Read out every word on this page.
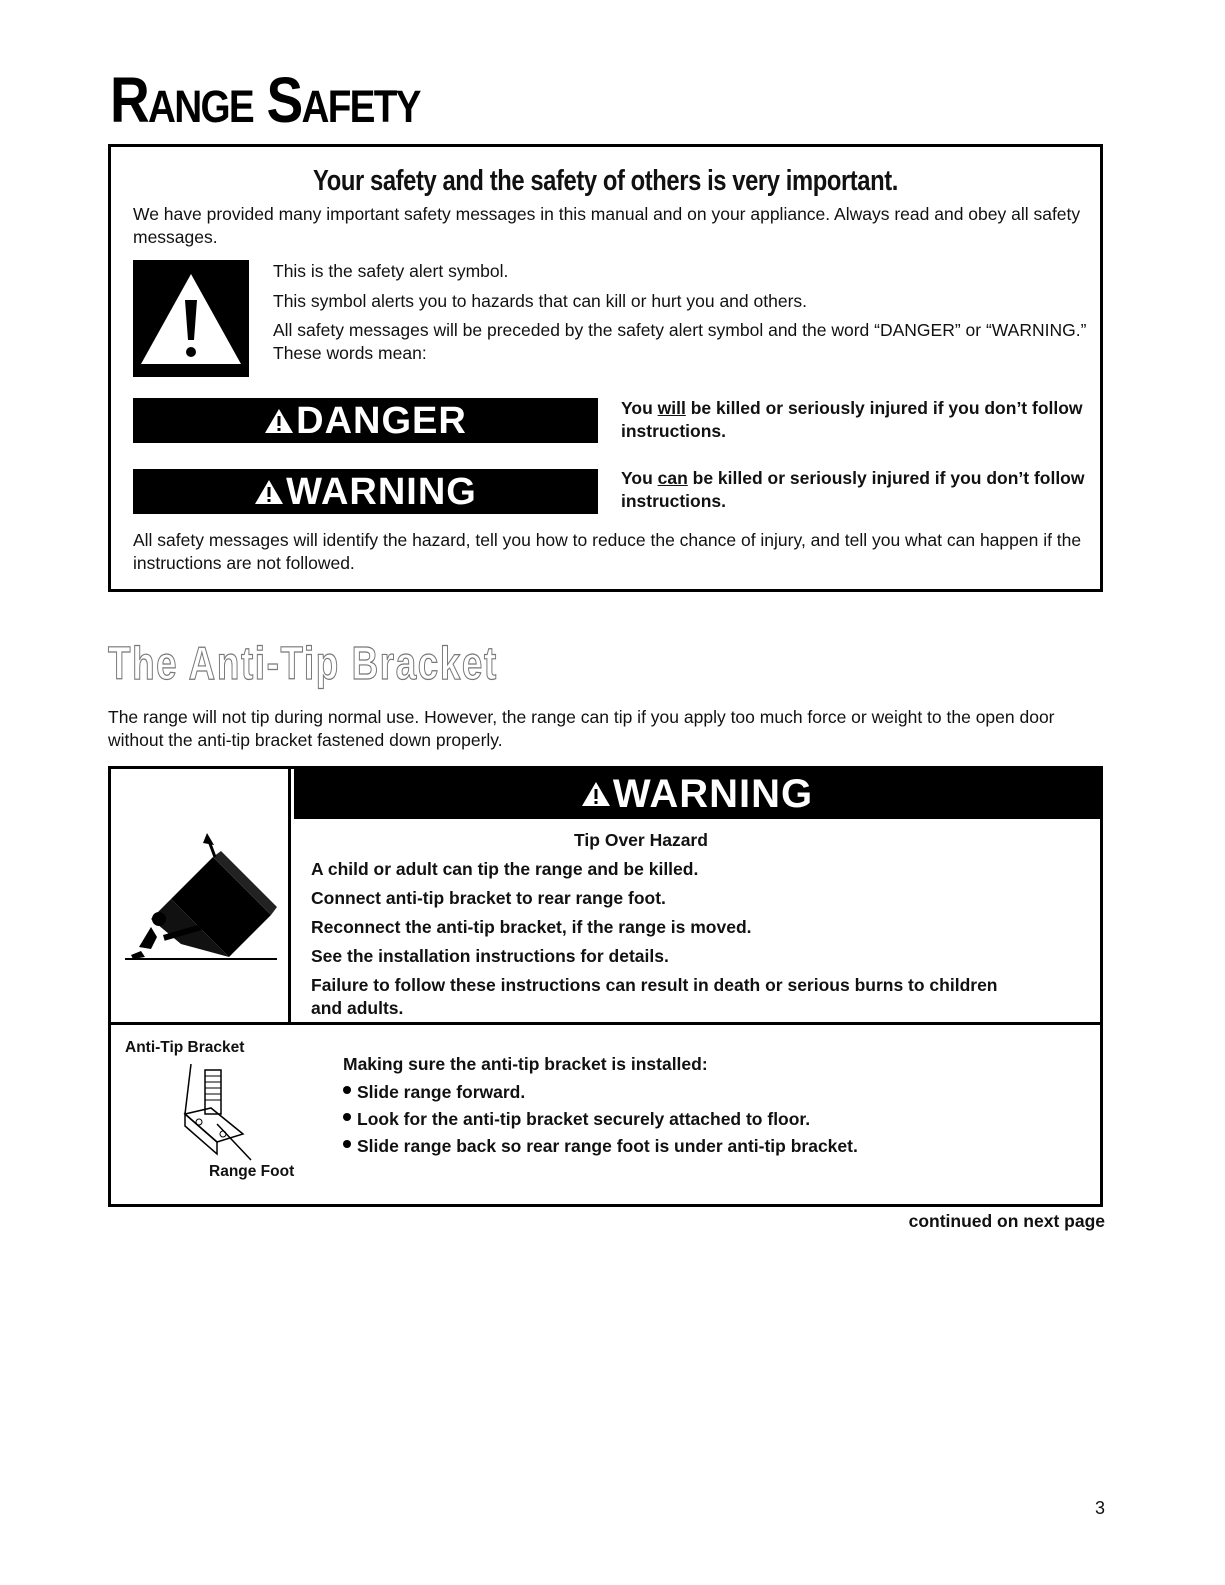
Range Safety
Your safety and the safety of others is very important.
We have provided many important safety messages in this manual and on your appliance. Always read and obey all safety messages.
This is the safety alert symbol.
This symbol alerts you to hazards that can kill or hurt you and others.
All safety messages will be preceded by the safety alert symbol and the word “DANGER” or “WARNING.” These words mean:
DANGER	You will be killed or seriously injured if you don’t follow instructions.
WARNING	You can be killed or seriously injured if you don’t follow instructions.
All safety messages will identify the hazard, tell you how to reduce the chance of injury, and tell you what can happen if the instructions are not followed.
The Anti-Tip Bracket
The range will not tip during normal use. However, the range can tip if you apply too much force or weight to the open door without the anti-tip bracket fastened down properly.
WARNING
Tip Over Hazard
A child or adult can tip the range and be killed.
Connect anti-tip bracket to rear range foot.
Reconnect the anti-tip bracket, if the range is moved.
See the installation instructions for details.
Failure to follow these instructions can result in death or serious burns to children and adults.
Anti-Tip Bracket
Range Foot
Making sure the anti-tip bracket is installed:
Slide range forward.
Look for the anti-tip bracket securely attached to floor.
Slide range back so rear range foot is under anti-tip bracket.
continued on next page
3
